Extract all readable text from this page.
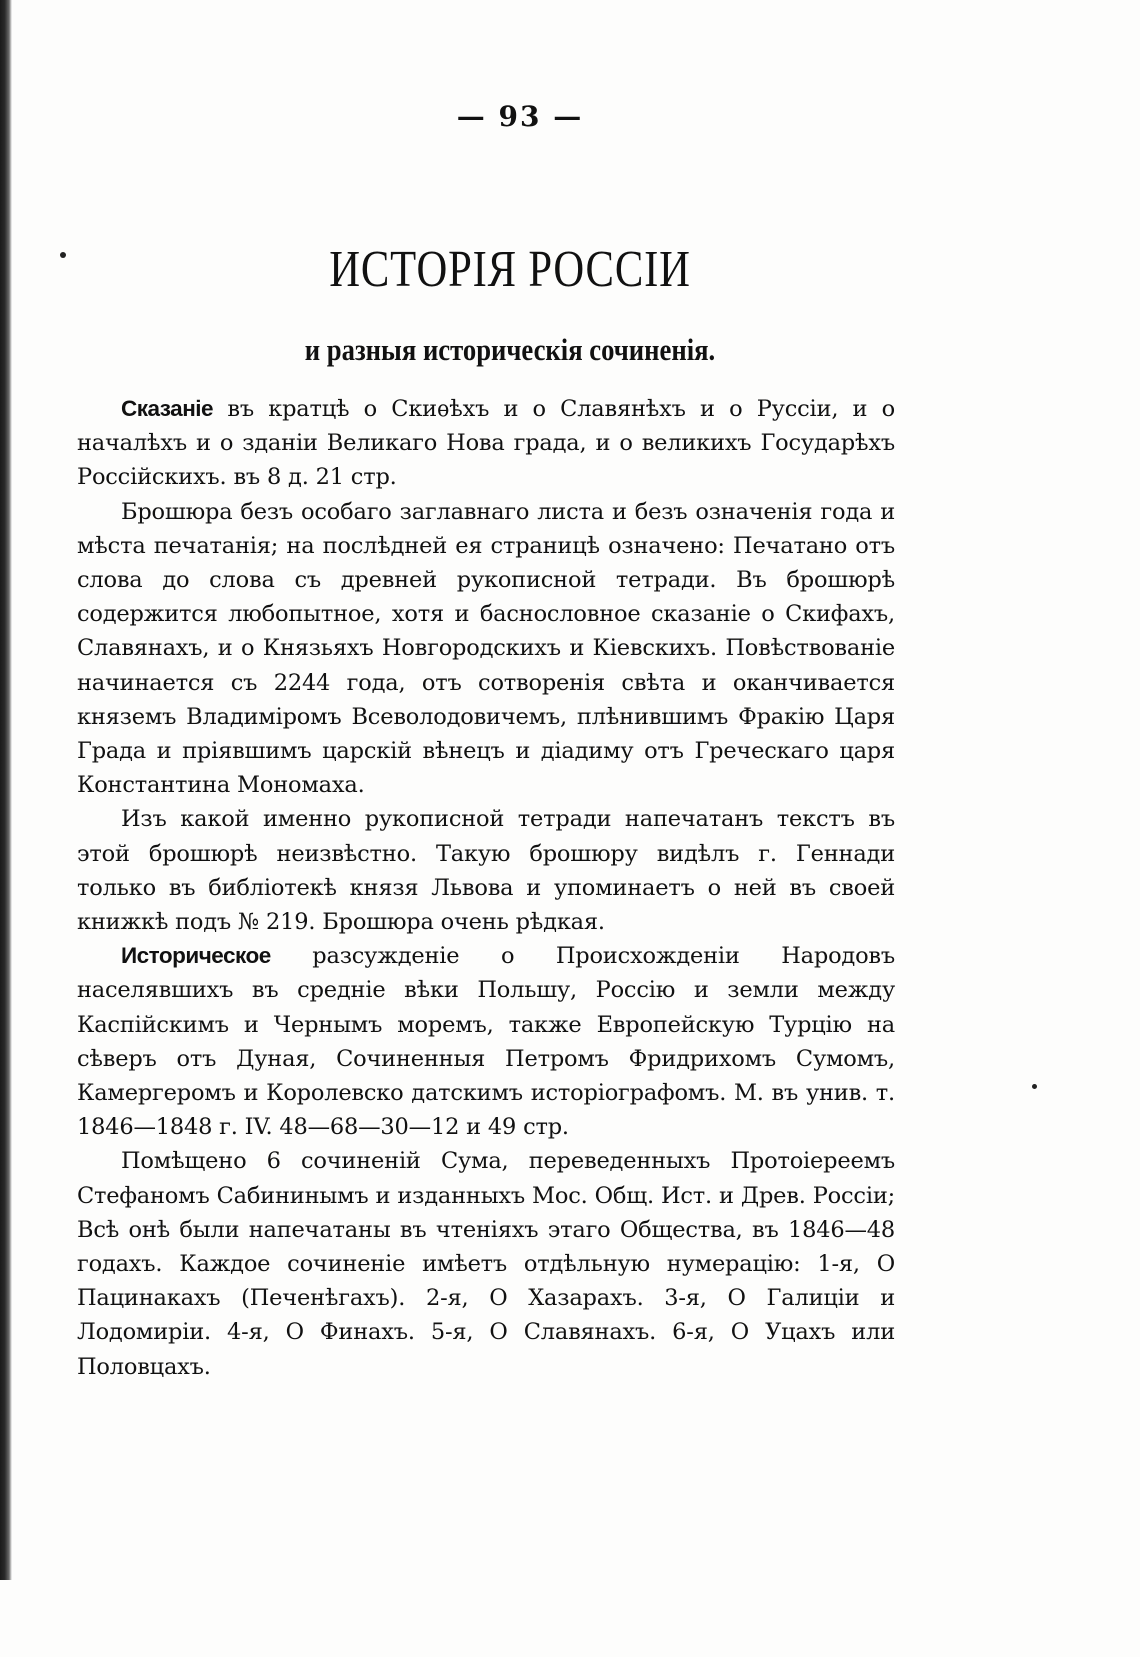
— 93 —
ИСТОРІЯ РОССІИ
и разныя историческія сочиненія.

Сказаніе въ кратцѣ о Скиѳѣхъ и о Славянѣхъ и о Руссіи, и о началѣхъ и о зданіи Великаго Нова града, и о великихъ Государѣхъ Россійскихъ. въ 8 д. 21 стр.

Брошюра безъ особаго заглавнаго листа и безъ означенія года и мѣста печатанія; на послѣдней ея страницѣ означено: Печатано отъ слова до слова съ древней рукописной тетради. Въ брошюрѣ содержится любопытное, хотя и баснословное сказаніе о Скифахъ, Славянахъ, и о Князьяхъ Новгородскихъ и Кіевскихъ. Повѣствованіе начинается съ 2244 года, отъ сотворенія свѣта и оканчивается княземъ Владиміромъ Всеволодовичемъ, плѣнившимъ Фракію Царя Града и пріявшимъ царскій вѣнецъ и діадиму отъ Греческаго царя Константина Мономаха.

Изъ какой именно рукописной тетради напечатанъ текстъ въ этой брошюрѣ неизвѣстно. Такую брошюру видѣлъ г. Геннади только въ библіотекѣ князя Львова и упоминаетъ о ней въ своей книжкѣ подъ № 219. Брошюра очень рѣдкая.

Историческое разсужденіе о Происхожденіи Народовъ населявшихъ въ средніе вѣки Польшу, Россію и земли между Каспійскимъ и Чернымъ моремъ, также Европейскую Турцію на сѣверъ отъ Дуная, Сочиненныя Петромъ Фридрихомъ Сумомъ, Камергеромъ и Королевско датскимъ исторіографомъ. М. въ унив. т. 1846—1848 г. IV. 48—68—30—12 и 49 стр.

Помѣщено 6 сочиненій Сума, переведенныхъ Протоіереемъ Стефаномъ Сабининымъ и изданныхъ Мос. Общ. Ист. и Древ. Россіи; Всѣ онѣ были напечатаны въ чтеніяхъ этаго Общества, въ 1846—48 годахъ. Каждое сочиненіе имѣетъ отдѣльную нумерацію: 1-я, О Пацинакахъ (Печенѣгахъ). 2-я, О Хазарахъ. 3-я, О Галиціи и Лодомиріи. 4-я, О Финахъ. 5-я, О Славянахъ. 6-я, О Уцахъ или Половцахъ.
